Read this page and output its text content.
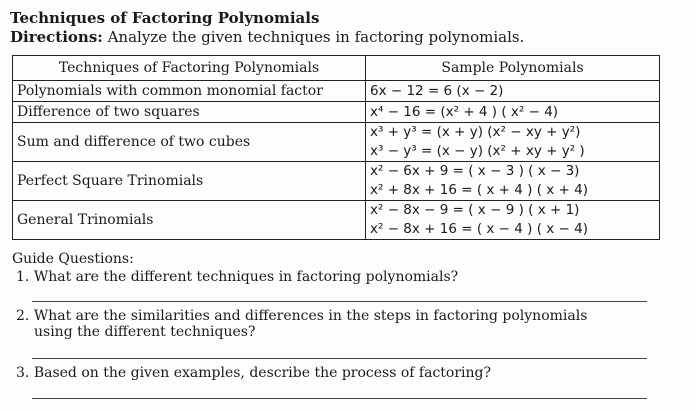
Techniques of Factoring Polynomials
Directions: Analyze the given techniques in factoring polynomials.
Techniques of Factoring Polynomials	Sample Polynomials
Polynomials with common monomial factor	6x − 12 = 6 (x − 2)

Difference of two squares	x⁴ − 16 = (x² + 4 ) ( x² − 4)

Sum and difference of two cubes	x³ + y³ = (x + y) (x² − xy + y²)
x³ − y³ = (x − y) (x² + xy + y² )

Perfect Square Trinomials	x² − 6x + 9 = ( x − 3 ) ( x − 3)
x² + 8x + 16 = ( x + 4 ) ( x + 4)

General Trinomials	x² − 8x − 9 = ( x − 9 ) ( x + 1)
x² − 8x + 16 = ( x − 4 ) ( x − 4)
Guide Questions:
1. What are the different techniques in factoring polynomials?
2. What are the similarities and differences in the steps in factoring polynomials
using the different techniques?
3. Based on the given examples, describe the process of factoring?
